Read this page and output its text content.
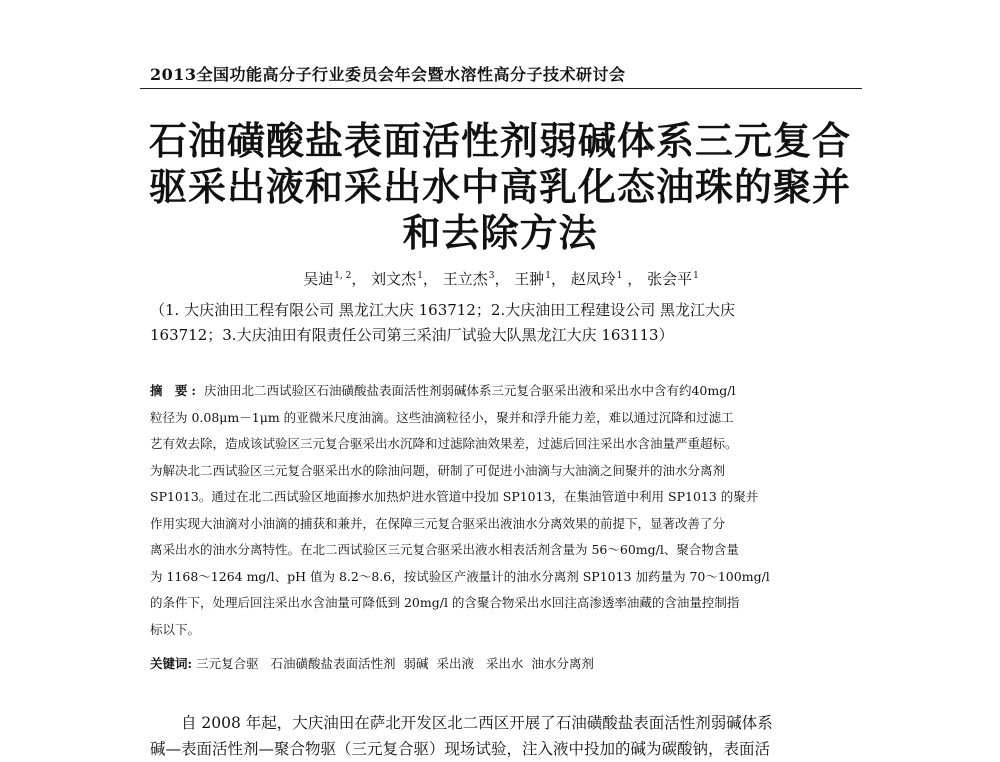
2013全国功能高分子行业委员会年会暨水溶性高分子技术研讨会
石油磺酸盐表面活性剂弱碱体系三元复合
驱采出液和采出水中高乳化态油珠的聚并
和去除方法
吴迪$^{1, 2}$， 刘文杰$^1$， 王立杰$^3$， 王翀$^1$， 赵凤玲$^1$ ， 张会平$^1$
（1. 大庆油田工程有限公司 黑龙江大庆 163712；2.大庆油田工程建设公司 黑龙江大庆
163712；3.大庆油田有限责任公司第三采油厂试验大队黑龙江大庆 163113）
摘 要: 庆油田北二西试验区石油磺酸盐表面活性剂弱碱体系三元复合驱采出液和采出水中含有约40mg/l
粒径为 0.08μm－1μm 的亚微米尺度油滴。这些油滴粒径小，聚并和浮升能力差，难以通过沉降和过滤工
艺有效去除，造成该试验区三元复合驱采出水沉降和过滤除油效果差，过滤后回注采出水含油量严重超标。
为解决北二西试验区三元复合驱采出水的除油问题，研制了可促进小油滴与大油滴之间聚并的油水分离剂
SP1013。通过在北二西试验区地面掺水加热炉进水管道中投加 SP1013，在集油管道中利用 SP1013 的聚并
作用实现大油滴对小油滴的捕获和兼并，在保障三元复合驱采出液油水分离效果的前提下，显著改善了分
离采出水的油水分离特性。在北二西试验区三元复合驱采出液水相表活剂含量为 56～60mg/l、聚合物含量
为 1168～1264 mg/l、pH 值为 8.2～8.6，按试验区产液量计的油水分离剂 SP1013 加药量为 70～100mg/l
的条件下，处理后回注采出水含油量可降低到 20mg/l 的含聚合物采出水回注高渗透率油藏的含油量控制指
标以下。
关键词: 三元复合驱 石油磺酸盐表面活性剂 弱碱 采出液 采出水 油水分离剂
自 2008 年起，大庆油田在萨北开发区北二西区开展了石油磺酸盐表面活性剂弱碱体系
碱—表面活性剂—聚合物驱（三元复合驱）现场试验，注入液中投加的碱为碳酸钠，表面活
